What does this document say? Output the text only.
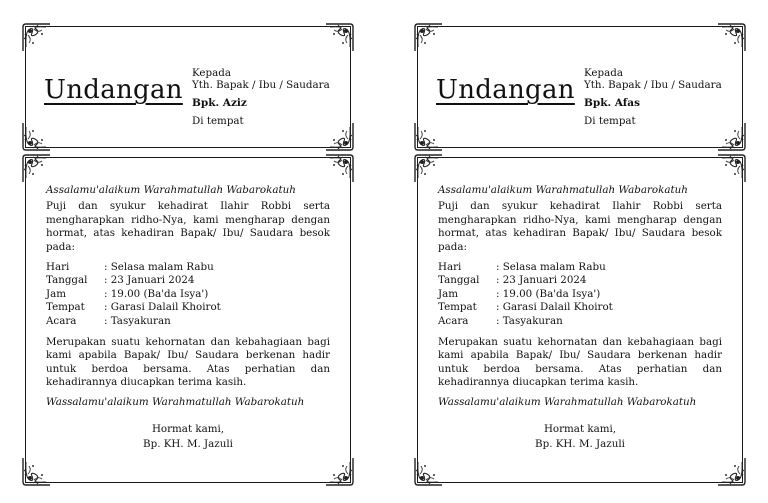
Undangan
Kepada
Yth. Bapak / Ibu / Saudara
Bpk. Aziz
Di tempat

Assalamu'alaikum Warahmatullah Wabarokatuh

Puji dan syukur kehadirat Ilahir Robbi serta mengharapkan ridho-Nya, kami mengharap dengan hormat, atas kehadiran Bapak/ Ibu/ Saudara besok pada:

Hari	: Selasa malam Rabu
Tanggal	: 23 Januari 2024
Jam	: 19.00 (Ba'da Isya')
Tempat	: Garasi Dalail Khoirot
Acara	: Tasyakuran

Merupakan suatu kehornatan dan kebahagiaan bagi kami apabila Bapak/ Ibu/ Saudara berkenan hadir untuk berdoa bersama. Atas perhatian dan kehadirannya diucapkan terima kasih.

Wassalamu'alaikum Warahmatullah Wabarokatuh

Hormat kami,
Bp. KH. M. Jazuli
Undangan
Kepada
Yth. Bapak / Ibu / Saudara
Bpk. Afas
Di tempat

Assalamu'alaikum Warahmatullah Wabarokatuh

Puji dan syukur kehadirat Ilahir Robbi serta mengharapkan ridho-Nya, kami mengharap dengan hormat, atas kehadiran Bapak/ Ibu/ Saudara besok pada:

Hari	: Selasa malam Rabu
Tanggal	: 23 Januari 2024
Jam	: 19.00 (Ba'da Isya')
Tempat	: Garasi Dalail Khoirot
Acara	: Tasyakuran

Merupakan suatu kehornatan dan kebahagiaan bagi kami apabila Bapak/ Ibu/ Saudara berkenan hadir untuk berdoa bersama. Atas perhatian dan kehadirannya diucapkan terima kasih.

Wassalamu'alaikum Warahmatullah Wabarokatuh

Hormat kami,
Bp. KH. M. Jazuli
